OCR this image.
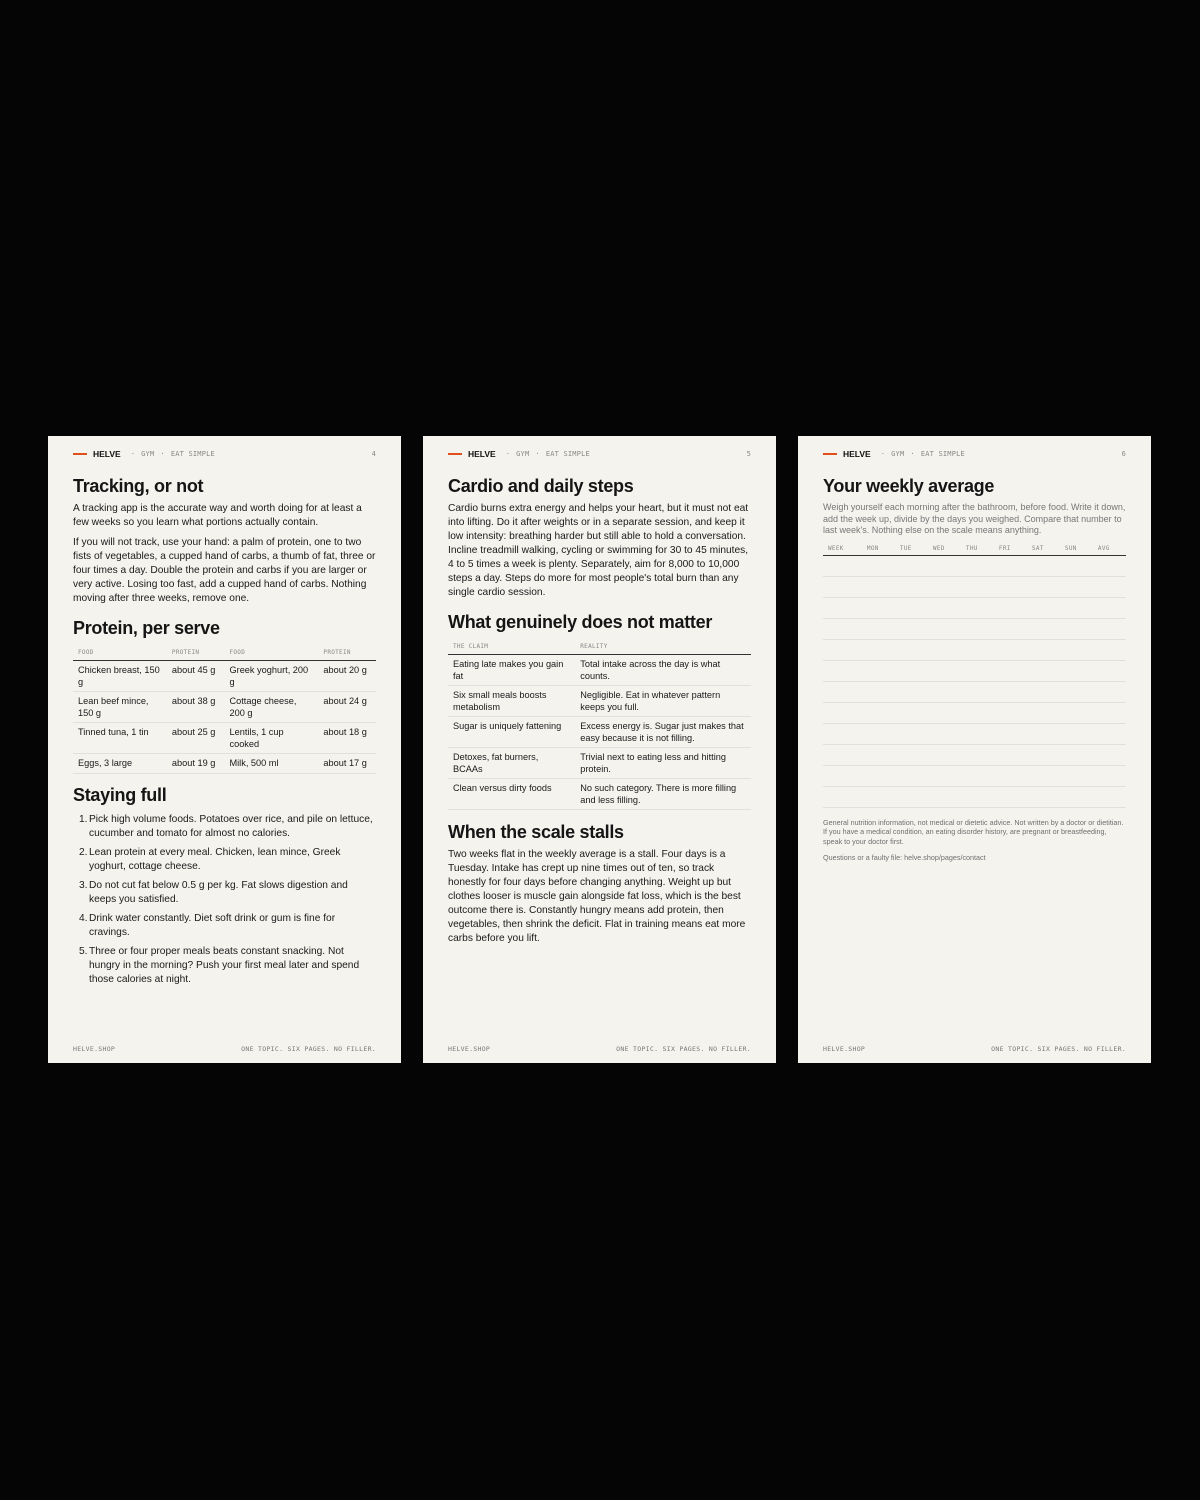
HELVE · GYM · EAT SIMPLE	4
Tracking, or not

A tracking app is the accurate way and worth doing for at least a few weeks so you learn what portions actually contain.

If you will not track, use your hand: a palm of protein, one to two fists of vegetables, a cupped hand of carbs, a thumb of fat, three or four times a day. Double the protein and carbs if you are larger or very active. Losing too fast, add a cupped hand of carbs. Nothing moving after three weeks, remove one.

Protein, per serve
FOOD	PROTEIN	FOOD	PROTEIN
Chicken breast, 150 g	about 45 g	Greek yoghurt, 200 g	about 20 g
Lean beef mince, 150 g	about 38 g	Cottage cheese, 200 g	about 24 g
Tinned tuna, 1 tin	about 25 g	Lentils, 1 cup cooked	about 18 g
Eggs, 3 large	about 19 g	Milk, 500 ml	about 17 g
Staying full
1. Pick high volume foods. Potatoes over rice, and pile on lettuce, cucumber and tomato for almost no calories.
2. Lean protein at every meal. Chicken, lean mince, Greek yoghurt, cottage cheese.
3. Do not cut fat below 0.5 g per kg. Fat slows digestion and keeps you satisfied.
4. Drink water constantly. Diet soft drink or gum is fine for cravings.
5. Three or four proper meals beats constant snacking. Not hungry in the morning? Push your first meal later and spend those calories at night.
HELVE.SHOP	ONE TOPIC. SIX PAGES. NO FILLER.
HELVE · GYM · EAT SIMPLE	5
Cardio and daily steps

Cardio burns extra energy and helps your heart, but it must not eat into lifting. Do it after weights or in a separate session, and keep it low intensity: breathing harder but still able to hold a conversation. Incline treadmill walking, cycling or swimming for 30 to 45 minutes, 4 to 5 times a week is plenty. Separately, aim for 8,000 to 10,000 steps a day. Steps do more for most people's total burn than any single cardio session.

What genuinely does not matter
THE CLAIM	REALITY
Eating late makes you gain fat	Total intake across the day is what counts.
Six small meals boosts metabolism	Negligible. Eat in whatever pattern keeps you full.
Sugar is uniquely fattening	Excess energy is. Sugar just makes that easy because it is not filling.
Detoxes, fat burners, BCAAs	Trivial next to eating less and hitting protein.
Clean versus dirty foods	No such category. There is more filling and less filling.
When the scale stalls

Two weeks flat in the weekly average is a stall. Four days is a Tuesday. Intake has crept up nine times out of ten, so track honestly for four days before changing anything. Weight up but clothes looser is muscle gain alongside fat loss, which is the best outcome there is. Constantly hungry means add protein, then vegetables, then shrink the deficit. Flat in training means eat more carbs before you lift.

HELVE.SHOP	ONE TOPIC. SIX PAGES. NO FILLER.
HELVE · GYM · EAT SIMPLE	6
Your weekly average

Weigh yourself each morning after the bathroom, before food. Write it down, add the week up, divide by the days you weighed. Compare that number to last week's. Nothing else on the scale means anything.

WEEK	MON	TUE	WED	THU	FRI	SAT	SUN	AVG

General nutrition information, not medical or dietetic advice. Not written by a doctor or dietitian. If you have a medical condition, an eating disorder history, are pregnant or breastfeeding, speak to your doctor first.

Questions or a faulty file: helve.shop/pages/contact

HELVE.SHOP	ONE TOPIC. SIX PAGES. NO FILLER.
